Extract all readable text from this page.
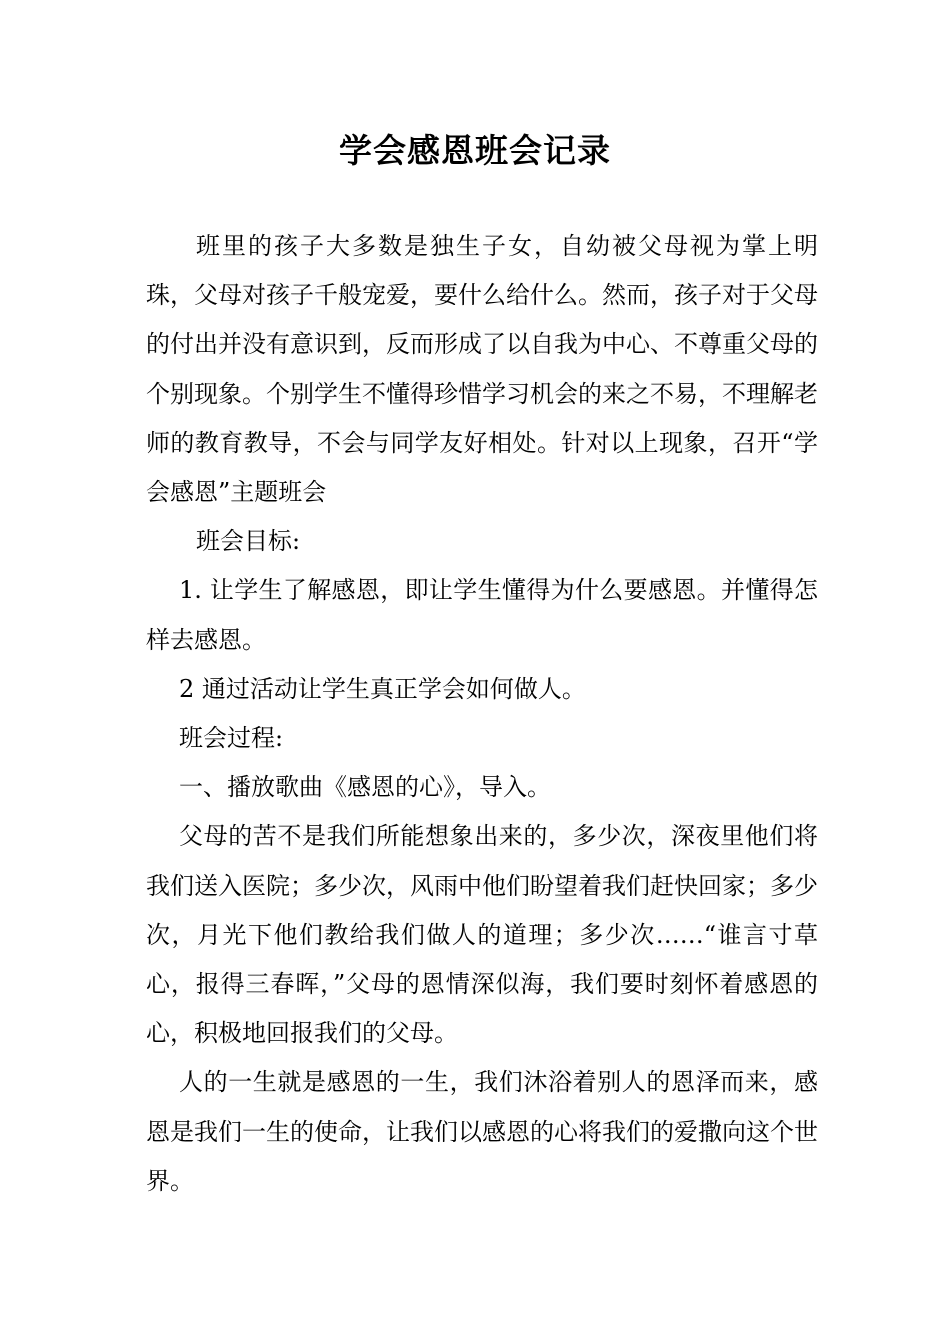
学会感恩班会记录

班里的孩子大多数是独生子女，自幼被父母视为掌上明珠，父母对孩子千般宠爱，要什么给什么。然而，孩子对于父母的付出并没有意识到，反而形成了以自我为中心、不尊重父母的个别现象。个别学生不懂得珍惜学习机会的来之不易，不理解老师的教育教导，不会与同学友好相处。针对以上现象，召开“学会感恩”主题班会

班会目标:

1. 让学生了解感恩，即让学生懂得为什么要感恩。并懂得怎样去感恩。

2 通过活动让学生真正学会如何做人。

班会过程:

一、播放歌曲《感恩的心》，导入。

父母的苦不是我们所能想象出来的，多少次，深夜里他们将我们送入医院；多少次，风雨中他们盼望着我们赶快回家；多少次，月光下他们教给我们做人的道理；多少次……“谁言寸草心，报得三春晖，”父母的恩情深似海，我们要时刻怀着感恩的心，积极地回报我们的父母。

人的一生就是感恩的一生，我们沐浴着别人的恩泽而来，感恩是我们一生的使命，让我们以感恩的心将我们的爱撒向这个世界。
